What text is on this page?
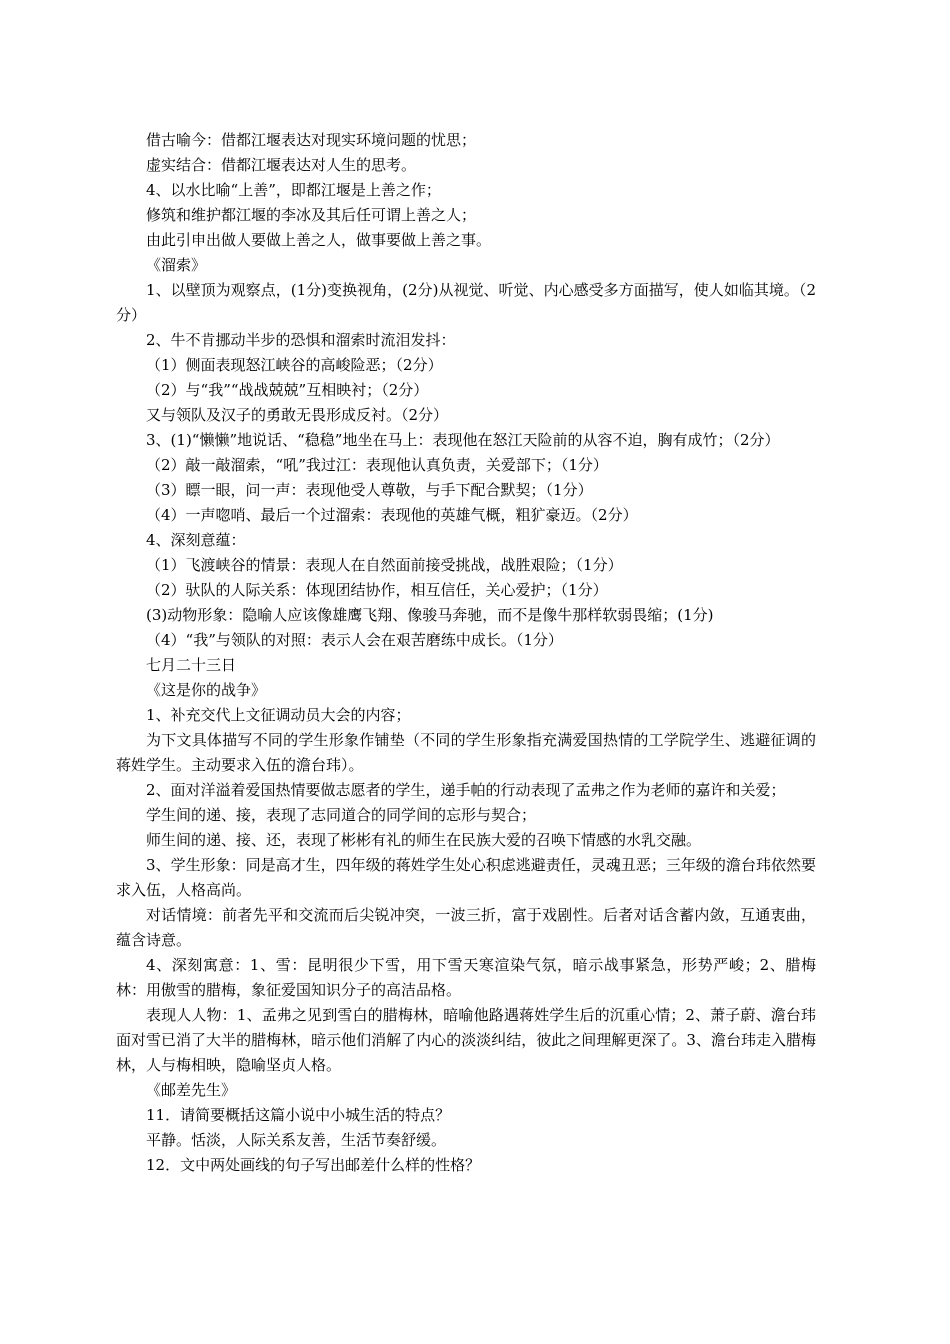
借古喻今：借都江堰表达对现实环境问题的忧思；

虚实结合：借都江堰表达对人生的思考。

4、以水比喻“上善”，即都江堰是上善之作；

修筑和维护都江堰的李冰及其后任可谓上善之人；

由此引申出做人要做上善之人，做事要做上善之事。

《溜索》

1、以壁顶为观察点，(1分)变换视角，(2分)从视觉、听觉、内心感受多方面描写，使人如临其境。（2分）

2、牛不肯挪动半步的恐惧和溜索时流泪发抖：

（1）侧面表现怒江峡谷的高峻险恶；（2分）

（2）与“我”“战战兢兢”互相映衬；（2分）

又与领队及汉子的勇敢无畏形成反衬。（2分）

3、(1)“懒懒”地说话、“稳稳”地坐在马上：表现他在怒江天险前的从容不迫，胸有成竹；（2分）

（2）敲一敲溜索，“吼”我过江：表现他认真负责，关爱部下；（1分）

（3）瞟一眼，问一声：表现他受人尊敬，与手下配合默契；（1分）

（4）一声唿哨、最后一个过溜索：表现他的英雄气概，粗犷豪迈。（2分）

4、深刻意蕴：

（1）飞渡峡谷的情景：表现人在自然面前接受挑战，战胜艰险；（1分）

（2）驮队的人际关系：体现团结协作，相互信任，关心爱护；（1分）

(3)动物形象：隐喻人应该像雄鹰飞翔、像骏马奔驰，而不是像牛那样软弱畏缩；(1分)

（4）“我”与领队的对照：表示人会在艰苦磨练中成长。（1分）

七月二十三日

《这是你的战争》

1、补充交代上文征调动员大会的内容；

为下文具体描写不同的学生形象作铺垫（不同的学生形象指充满爱国热情的工学院学生、逃避征调的蒋姓学生。主动要求入伍的澹台玮）。

2、面对洋溢着爱国热情要做志愿者的学生，递手帕的行动表现了孟弗之作为老师的嘉许和关爱；

学生间的递、接，表现了志同道合的同学间的忘形与契合；

师生间的递、接、还，表现了彬彬有礼的师生在民族大爱的召唤下情感的水乳交融。

3、学生形象：同是高才生，四年级的蒋姓学生处心积虑逃避责任，灵魂丑恶；三年级的澹台玮依然要求入伍，人格高尚。

对话情境：前者先平和交流而后尖锐冲突，一波三折，富于戏剧性。后者对话含蓄内敛，互通衷曲，蕴含诗意。

4、深刻寓意：1、雪：昆明很少下雪，用下雪天寒渲染气氛，暗示战事紧急，形势严峻；2、腊梅林：用傲雪的腊梅，象征爱国知识分子的高洁品格。

表现人人物：1、孟弗之见到雪白的腊梅林，暗喻他路遇蒋姓学生后的沉重心情；2、萧子蔚、澹台玮面对雪已消了大半的腊梅林，暗示他们消解了内心的淡淡纠结，彼此之间理解更深了。3、澹台玮走入腊梅林，人与梅相映，隐喻坚贞人格。

《邮差先生》

11．请简要概括这篇小说中小城生活的特点？

平静。恬淡，人际关系友善，生活节奏舒缓。

12．文中两处画线的句子写出邮差什么样的性格？
